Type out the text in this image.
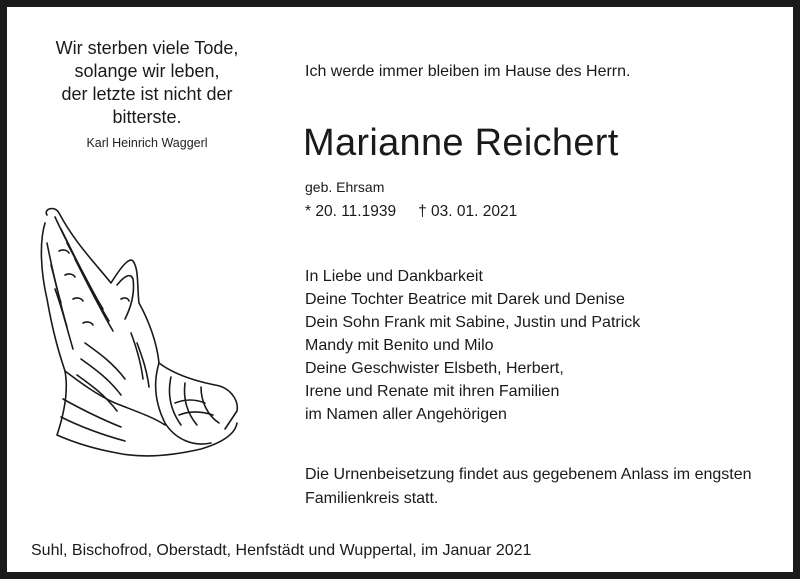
Wir sterben viele Tode,
solange wir leben,
der letzte ist nicht der
bitterste.

Karl Heinrich Waggerl
Ich werde immer bleiben im Hause des Herrn.
Marianne Reichert
geb. Ehrsam
* 20. 11.1939 † 03. 01. 2021
In Liebe und Dankbarkeit
Deine Tochter Beatrice mit Darek und Denise
Dein Sohn Frank mit Sabine, Justin und Patrick
Mandy mit Benito und Milo
Deine Geschwister Elsbeth, Herbert,
Irene und Renate mit ihren Familien
im Namen aller Angehörigen
Die Urnenbeisetzung findet aus gegebenem Anlass im engsten
Familienkreis statt.
Suhl, Bischofrod, Oberstadt, Henfstädt und Wuppertal, im Januar 2021
